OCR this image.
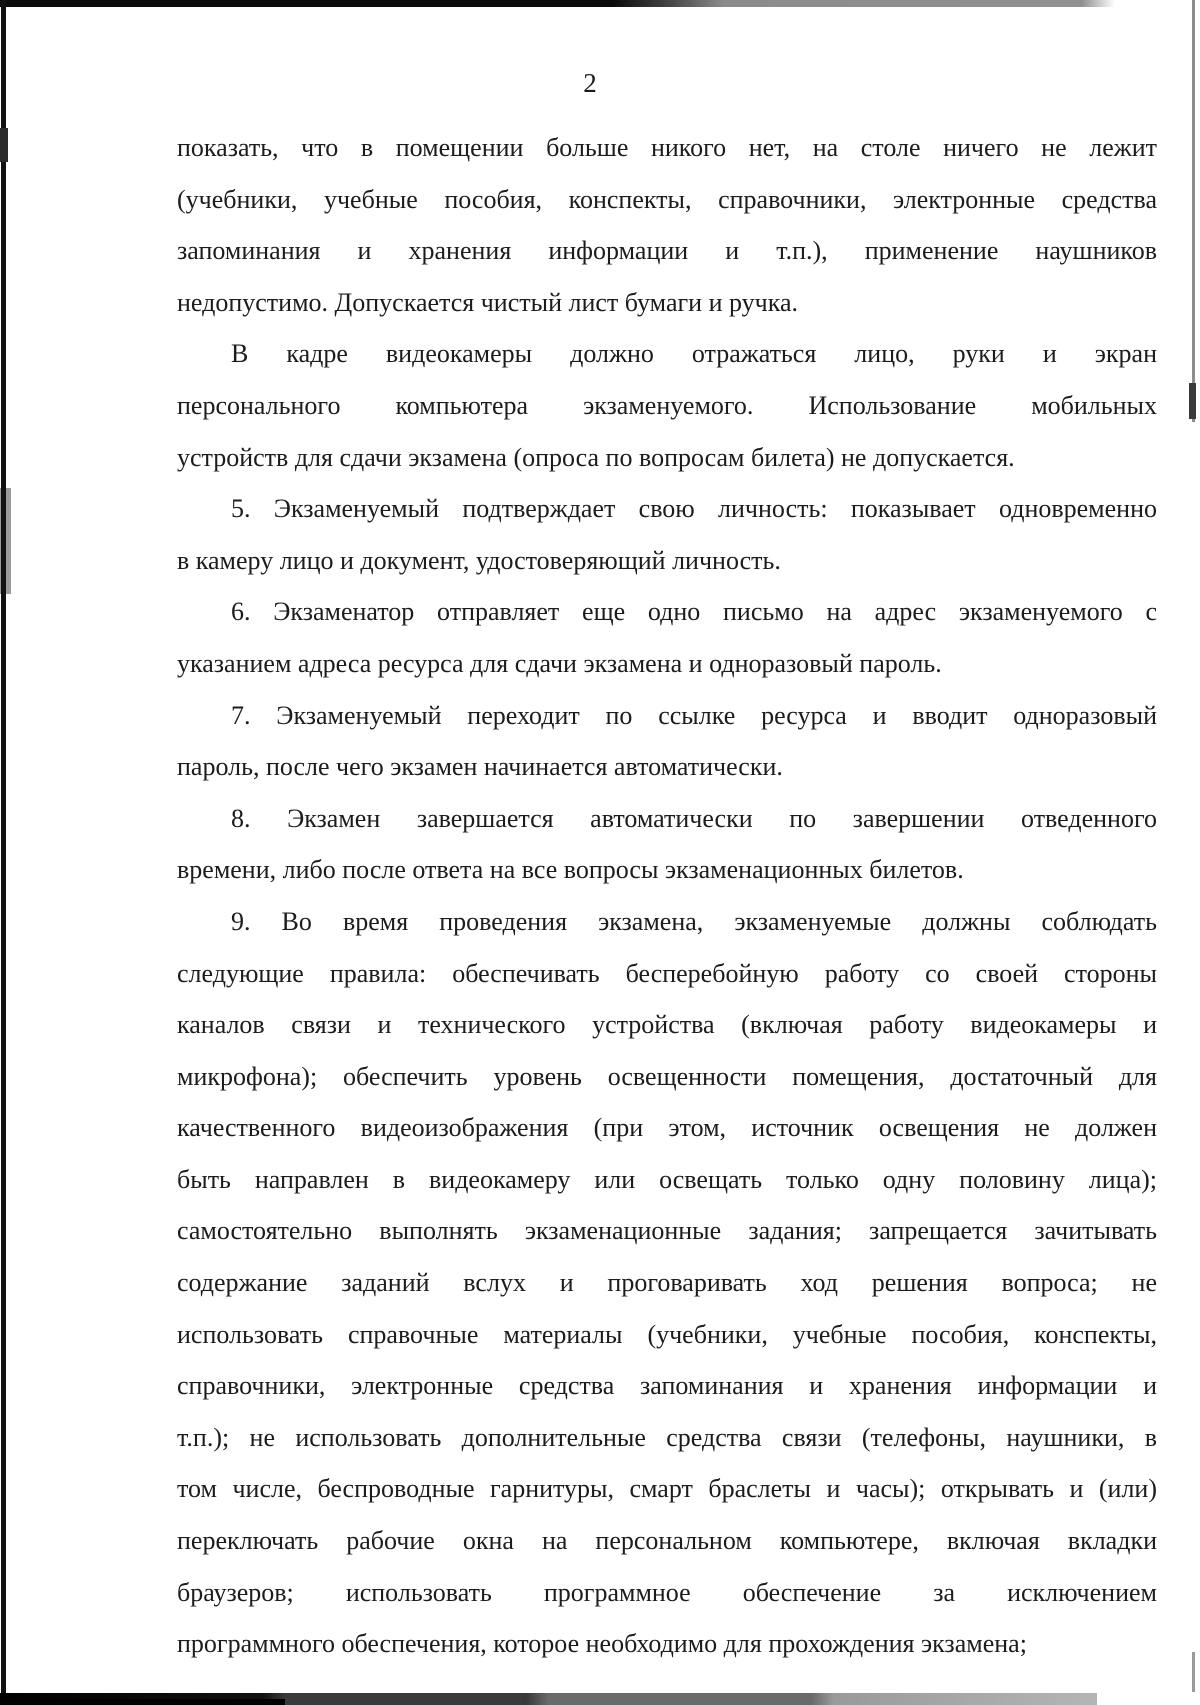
2
показать, что в помещении больше никого нет, на столе ничего не лежит
(учебники, учебные пособия, конспекты, справочники, электронные средства
запоминания и хранения информации и т.п.), применение наушников
недопустимо. Допускается чистый лист бумаги и ручка.
В кадре видеокамеры должно отражаться лицо, руки и экран
персонального компьютера экзаменуемого. Использование мобильных
устройств для сдачи экзамена (опроса по вопросам билета) не допускается.
5. Экзаменуемый подтверждает свою личность: показывает одновременно
в камеру лицо и документ, удостоверяющий личность.
6. Экзаменатор отправляет еще одно письмо на адрес экзаменуемого с
указанием адреса ресурса для сдачи экзамена и одноразовый пароль.
7. Экзаменуемый переходит по ссылке ресурса и вводит одноразовый
пароль, после чего экзамен начинается автоматически.
8. Экзамен завершается автоматически по завершении отведенного
времени, либо после ответа на все вопросы экзаменационных билетов.
9. Во время проведения экзамена, экзаменуемые должны соблюдать
следующие правила: обеспечивать бесперебойную работу со своей стороны
каналов связи и технического устройства (включая работу видеокамеры и
микрофона); обеспечить уровень освещенности помещения, достаточный для
качественного видеоизображения (при этом, источник освещения не должен
быть направлен в видеокамеру или освещать только одну половину лица);
самостоятельно выполнять экзаменационные задания; запрещается зачитывать
содержание заданий вслух и проговаривать ход решения вопроса; не
использовать справочные материалы (учебники, учебные пособия, конспекты,
справочники, электронные средства запоминания и хранения информации и
т.п.); не использовать дополнительные средства связи (телефоны, наушники, в
том числе, беспроводные гарнитуры, смарт браслеты и часы); открывать и (или)
переключать рабочие окна на персональном компьютере, включая вкладки
браузеров; использовать программное обеспечение за исключением
программного обеспечения, которое необходимо для прохождения экзамена;
